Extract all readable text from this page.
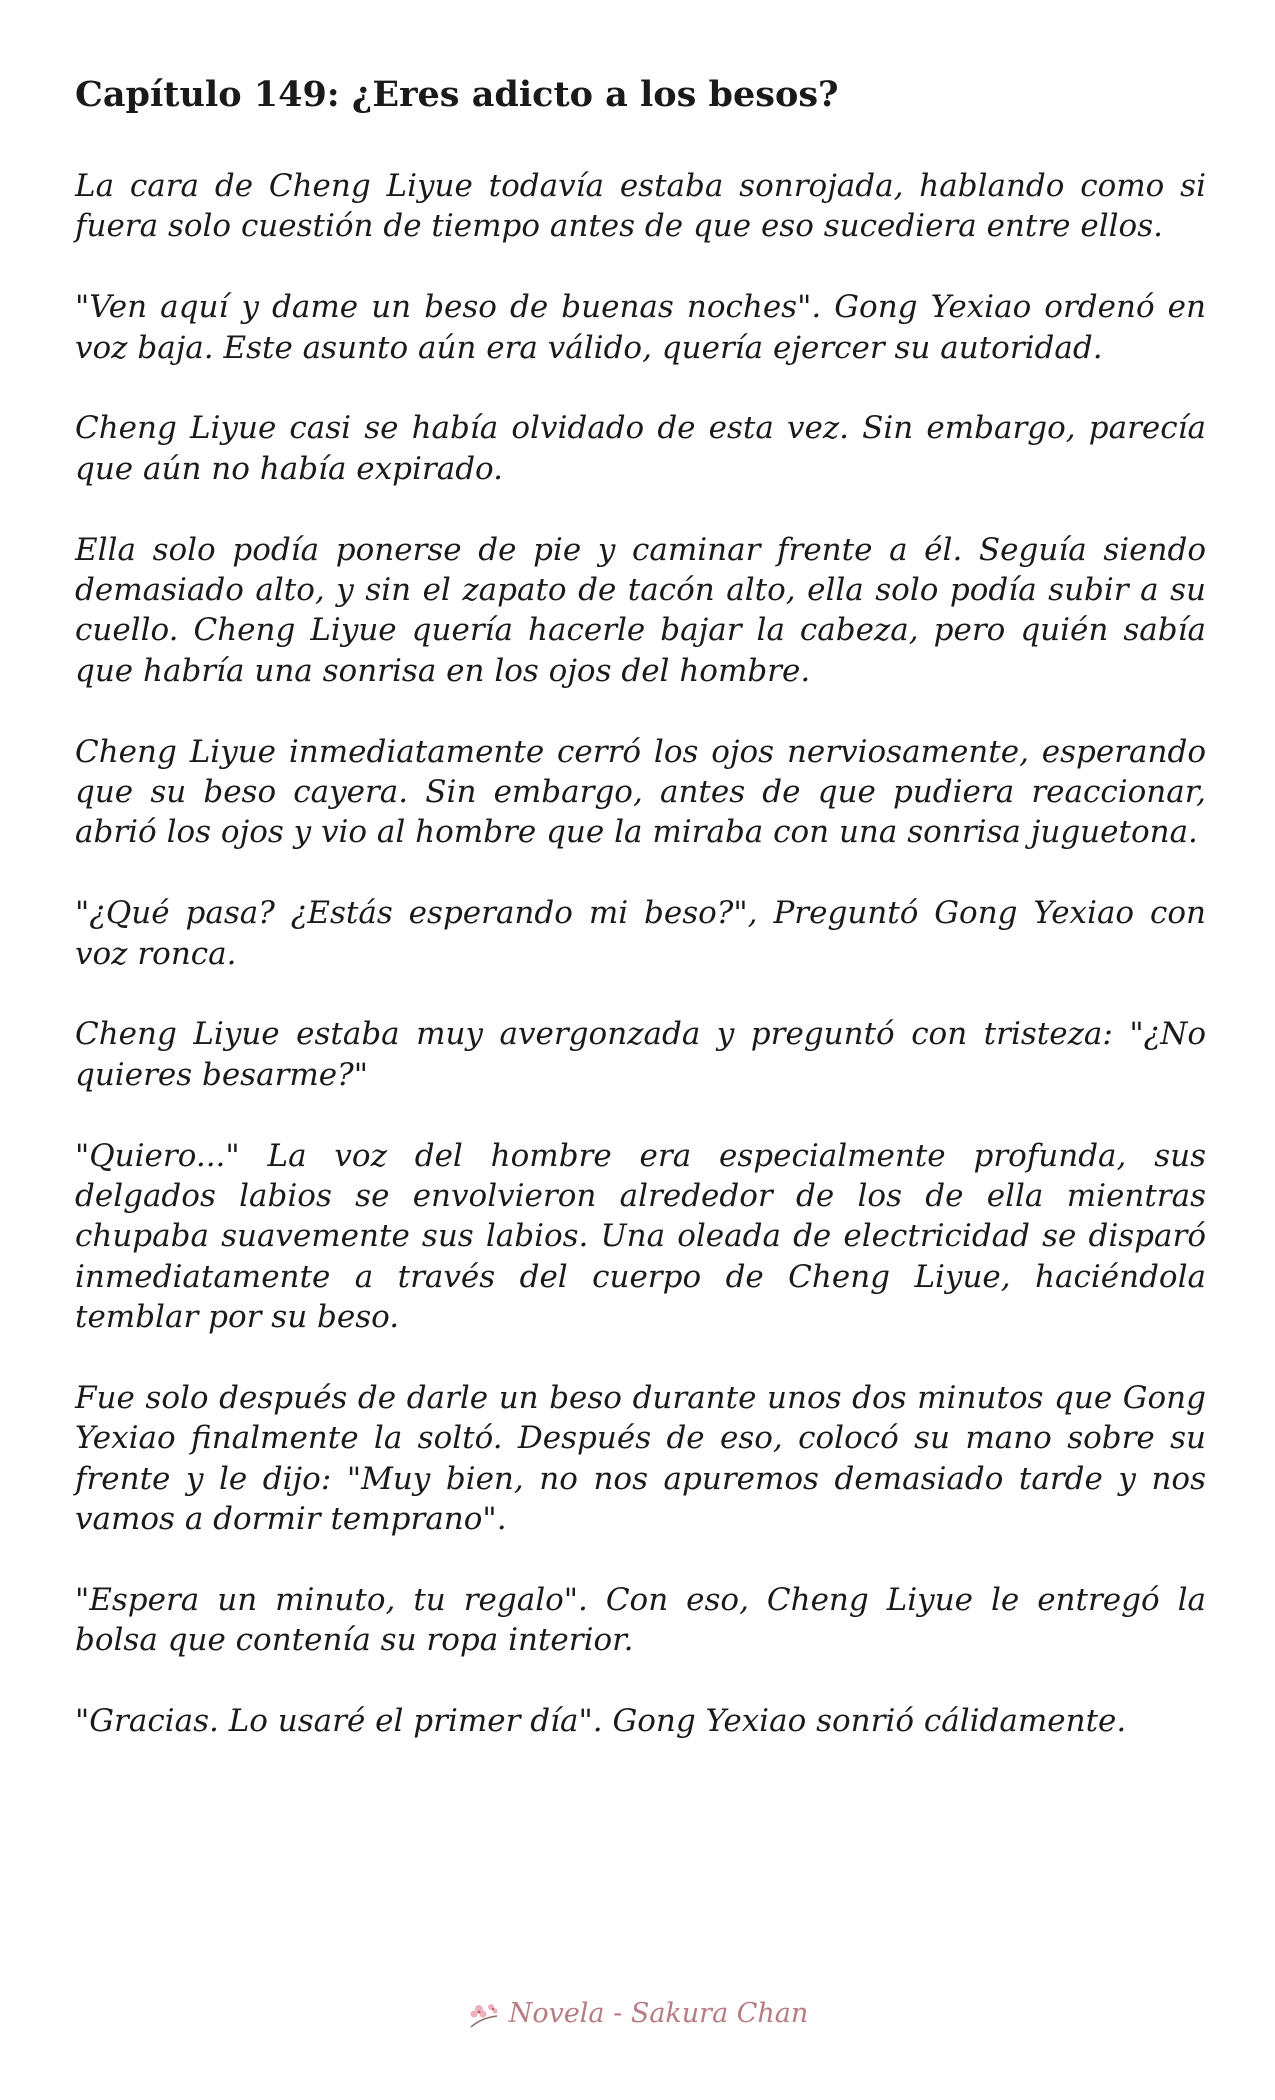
Capítulo 149: ¿Eres adicto a los besos?

La cara de Cheng Liyue todavía estaba sonrojada, hablando como si fuera solo cuestión de tiempo antes de que eso sucediera entre ellos.

"Ven aquí y dame un beso de buenas noches". Gong Yexiao ordenó en voz baja. Este asunto aún era válido, quería ejercer su autoridad.

Cheng Liyue casi se había olvidado de esta vez. Sin embargo, parecía que aún no había expirado.

Ella solo podía ponerse de pie y caminar frente a él. Seguía siendo demasiado alto, y sin el zapato de tacón alto, ella solo podía subir a su cuello. Cheng Liyue quería hacerle bajar la cabeza, pero quién sabía que habría una sonrisa en los ojos del hombre.

Cheng Liyue inmediatamente cerró los ojos nerviosamente, esperando que su beso cayera. Sin embargo, antes de que pudiera reaccionar, abrió los ojos y vio al hombre que la miraba con una sonrisa juguetona.

"¿Qué pasa? ¿Estás esperando mi beso?", Preguntó Gong Yexiao con voz ronca.

Cheng Liyue estaba muy avergonzada y preguntó con tristeza: "¿No quieres besarme?"

"Quiero..." La voz del hombre era especialmente profunda, sus delgados labios se envolvieron alrededor de los de ella mientras chupaba suavemente sus labios. Una oleada de electricidad se disparó inmediatamente a través del cuerpo de Cheng Liyue, haciéndola temblar por su beso.

Fue solo después de darle un beso durante unos dos minutos que Gong Yexiao finalmente la soltó. Después de eso, colocó su mano sobre su frente y le dijo: "Muy bien, no nos apuremos demasiado tarde y nos vamos a dormir temprano".

"Espera un minuto, tu regalo". Con eso, Cheng Liyue le entregó la bolsa que contenía su ropa interior.

"Gracias. Lo usaré el primer día". Gong Yexiao sonrió cálidamente.

Novela - Sakura Chan
